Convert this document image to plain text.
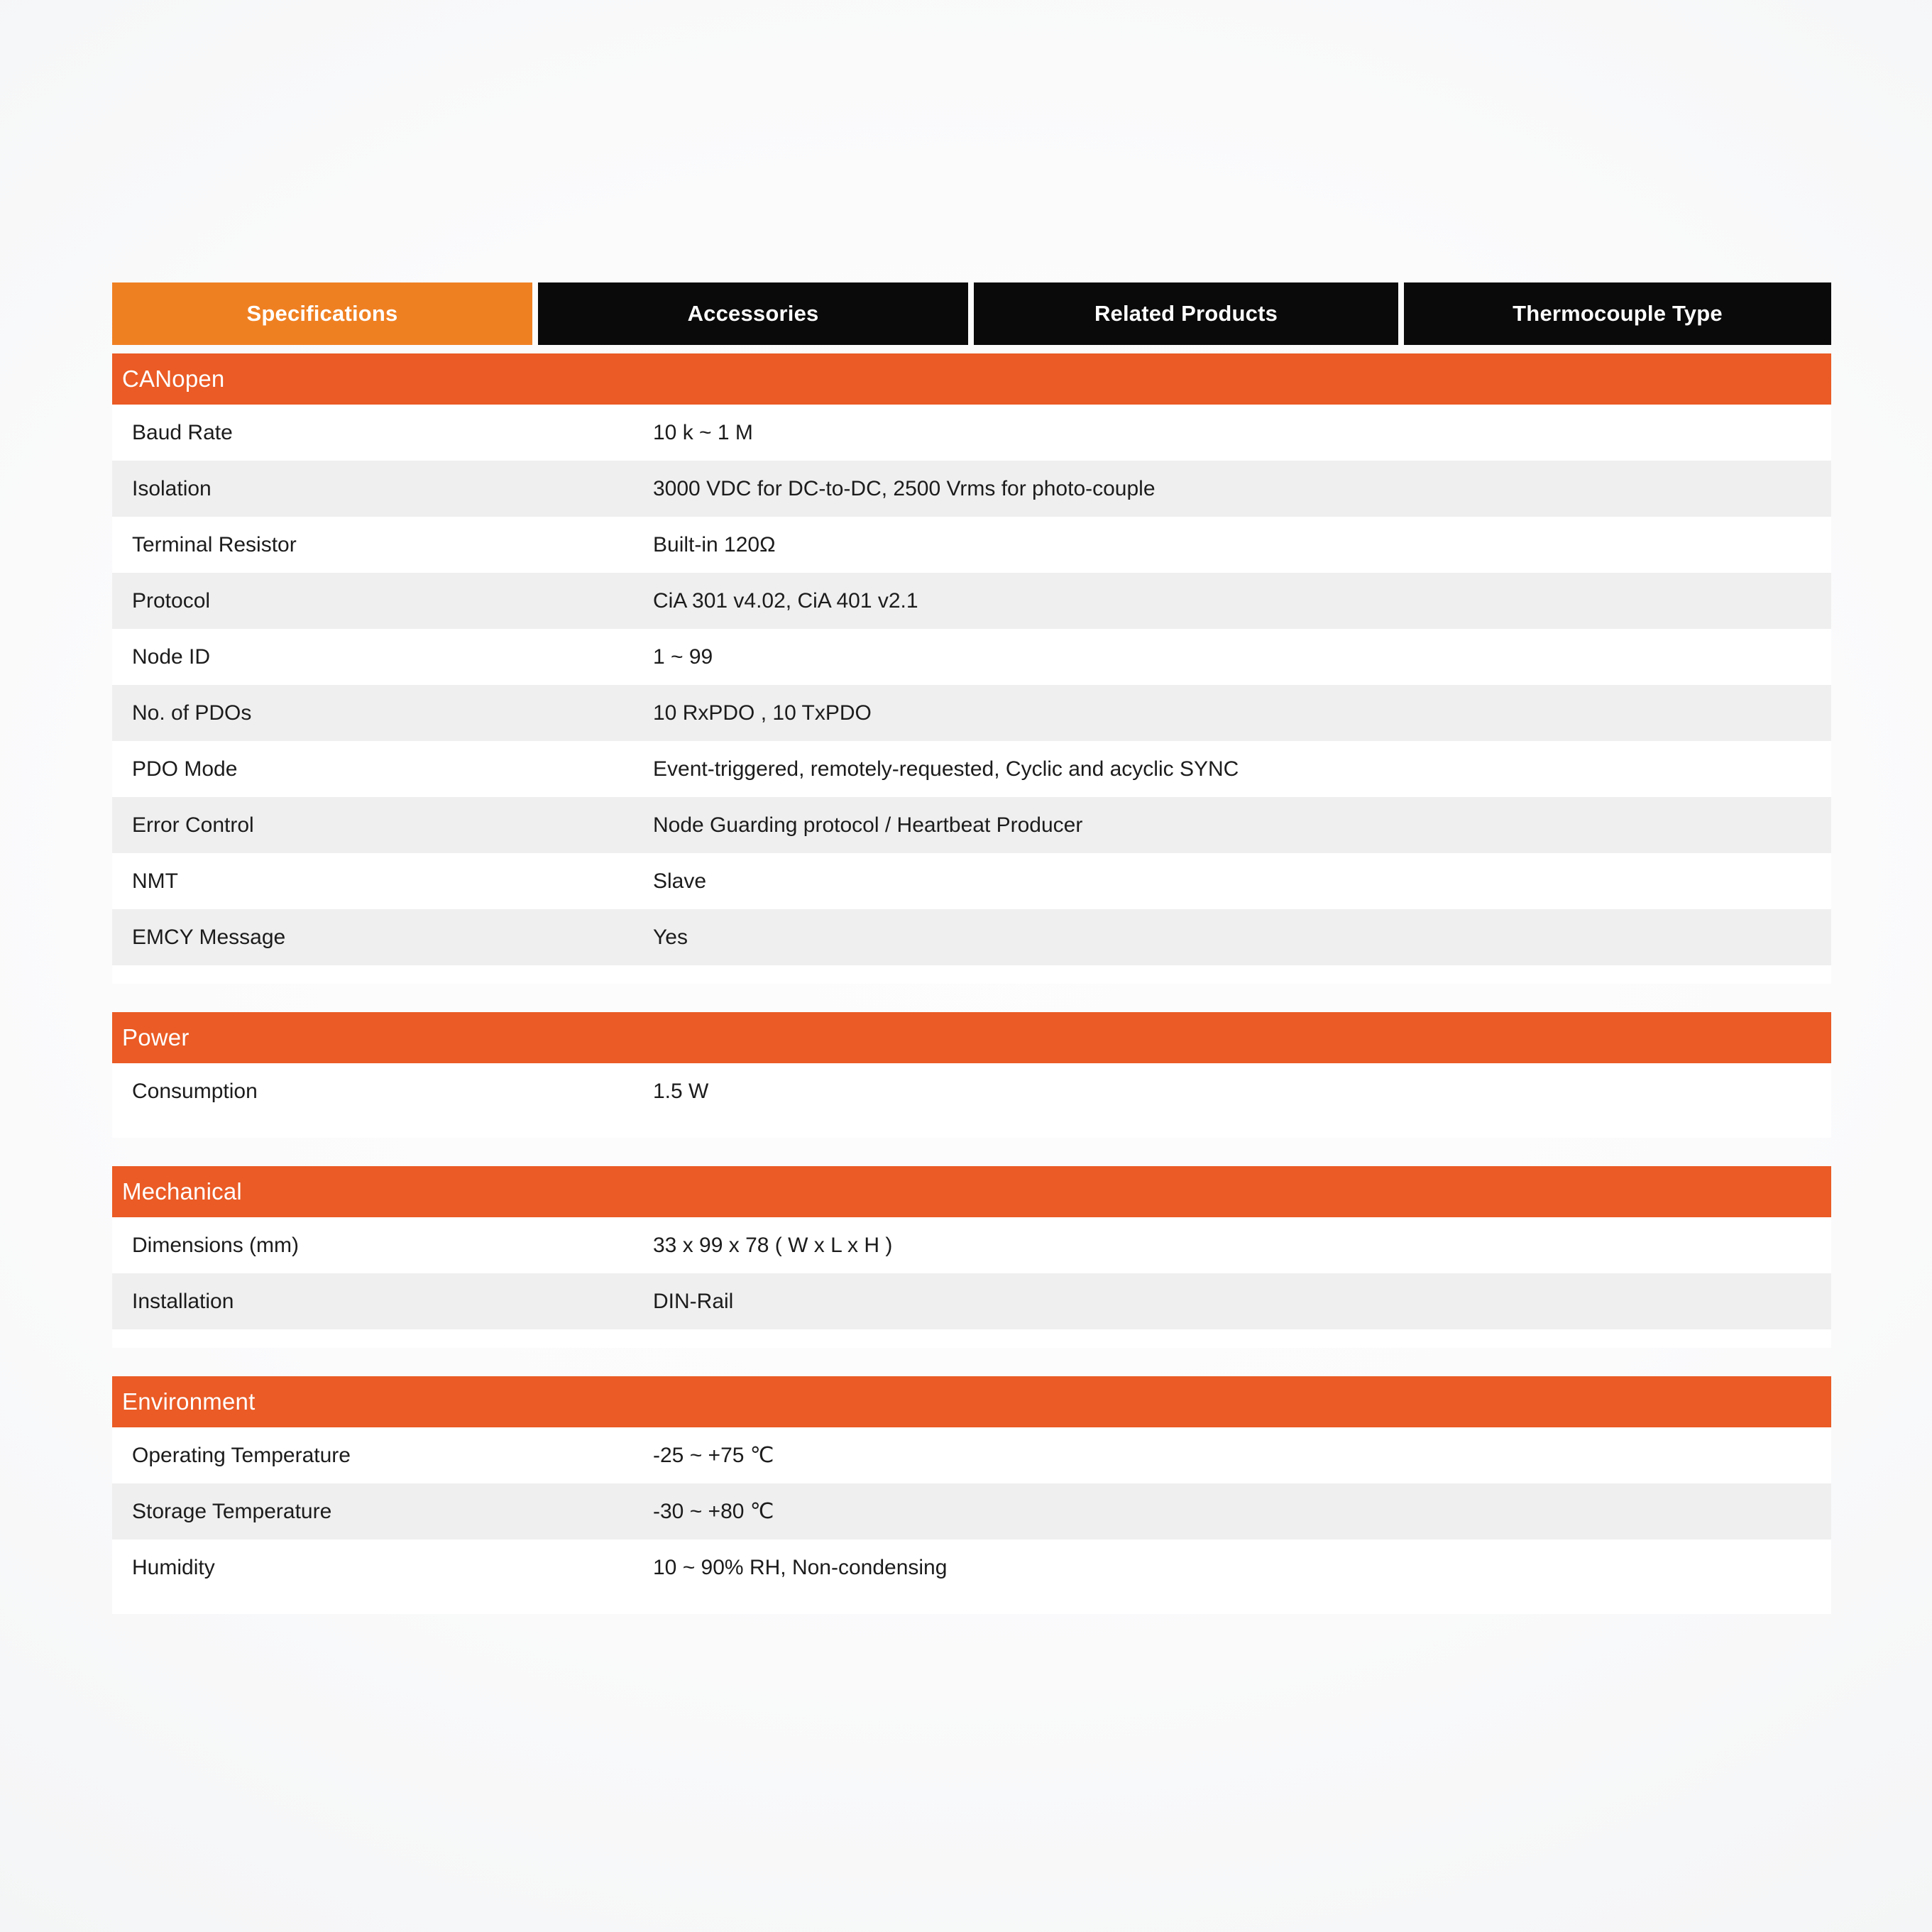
Specifications	Accessories	Related Products	Thermocouple Type
CANopen
Baud Rate	10 k ~ 1 M
Isolation	3000 VDC for DC-to-DC, 2500 Vrms for photo-couple
Terminal Resistor	Built-in 120Ω
Protocol	CiA 301 v4.02, CiA 401 v2.1
Node ID	1 ~ 99
No. of PDOs	10 RxPDO , 10 TxPDO
PDO Mode	Event-triggered, remotely-requested, Cyclic and acyclic SYNC
Error Control	Node Guarding protocol / Heartbeat Producer
NMT	Slave
EMCY Message	Yes
Power
Consumption	1.5 W
Mechanical
Dimensions (mm)	33 x 99 x 78 ( W x L x H )
Installation	DIN-Rail
Environment
Operating Temperature	-25 ~ +75 ℃
Storage Temperature	-30 ~ +80 ℃
Humidity	10 ~ 90% RH, Non-condensing
